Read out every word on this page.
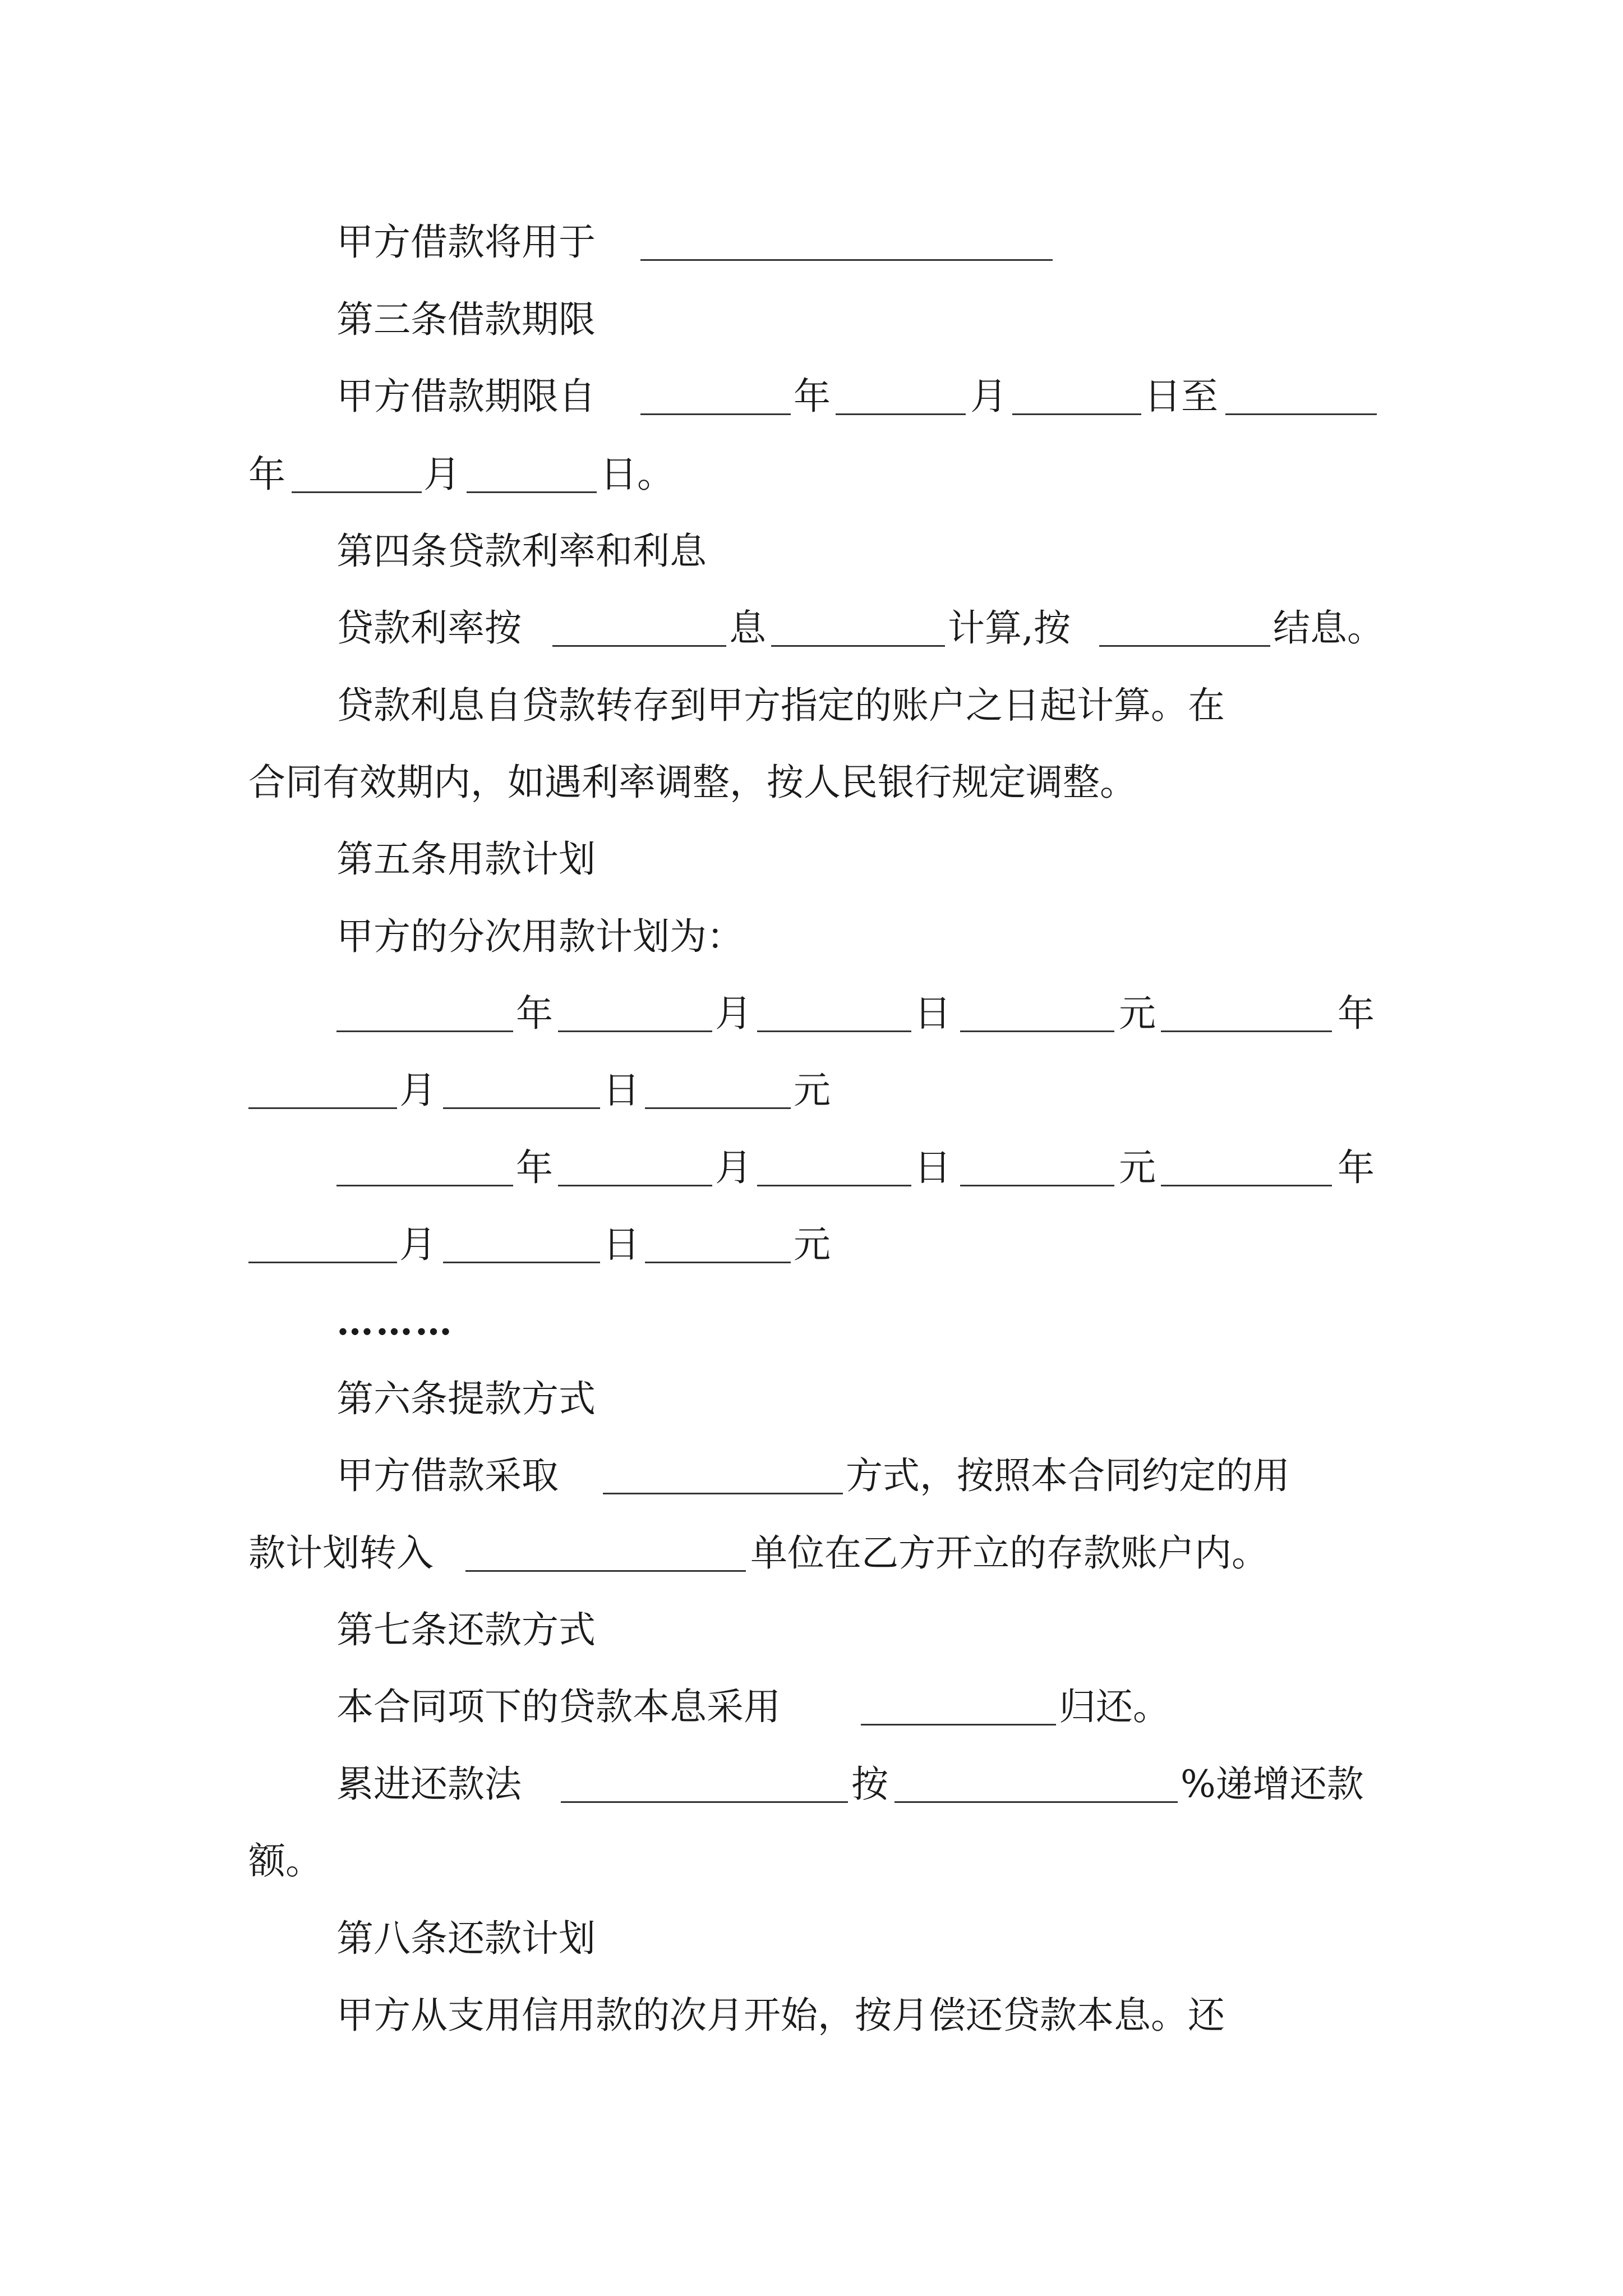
甲方借款将用于
第三条借款期限
甲方借款期限自	年	月	日至
年	月	日。
第四条贷款利率和利息
贷款利率按	息	计算,按	结息。
贷款利息自贷款转存到甲方指定的账户之日起计算。在
合同有效期内，如遇利率调整，按人民银行规定调整。
第五条用款计划
甲方的分次用款计划为：
年	月	日	元	年
月	日	元
年	月	日	元	年
月	日	元
………
第六条提款方式
甲方借款采取	方式，按照本合同约定的用
款计划转入	单位在乙方开立的存款账户内。
第七条还款方式
本合同项下的贷款本息采用	归还。
累进还款法	按	%递增还款
额。
第八条还款计划
甲方从支用信用款的次月开始，按月偿还贷款本息。还
